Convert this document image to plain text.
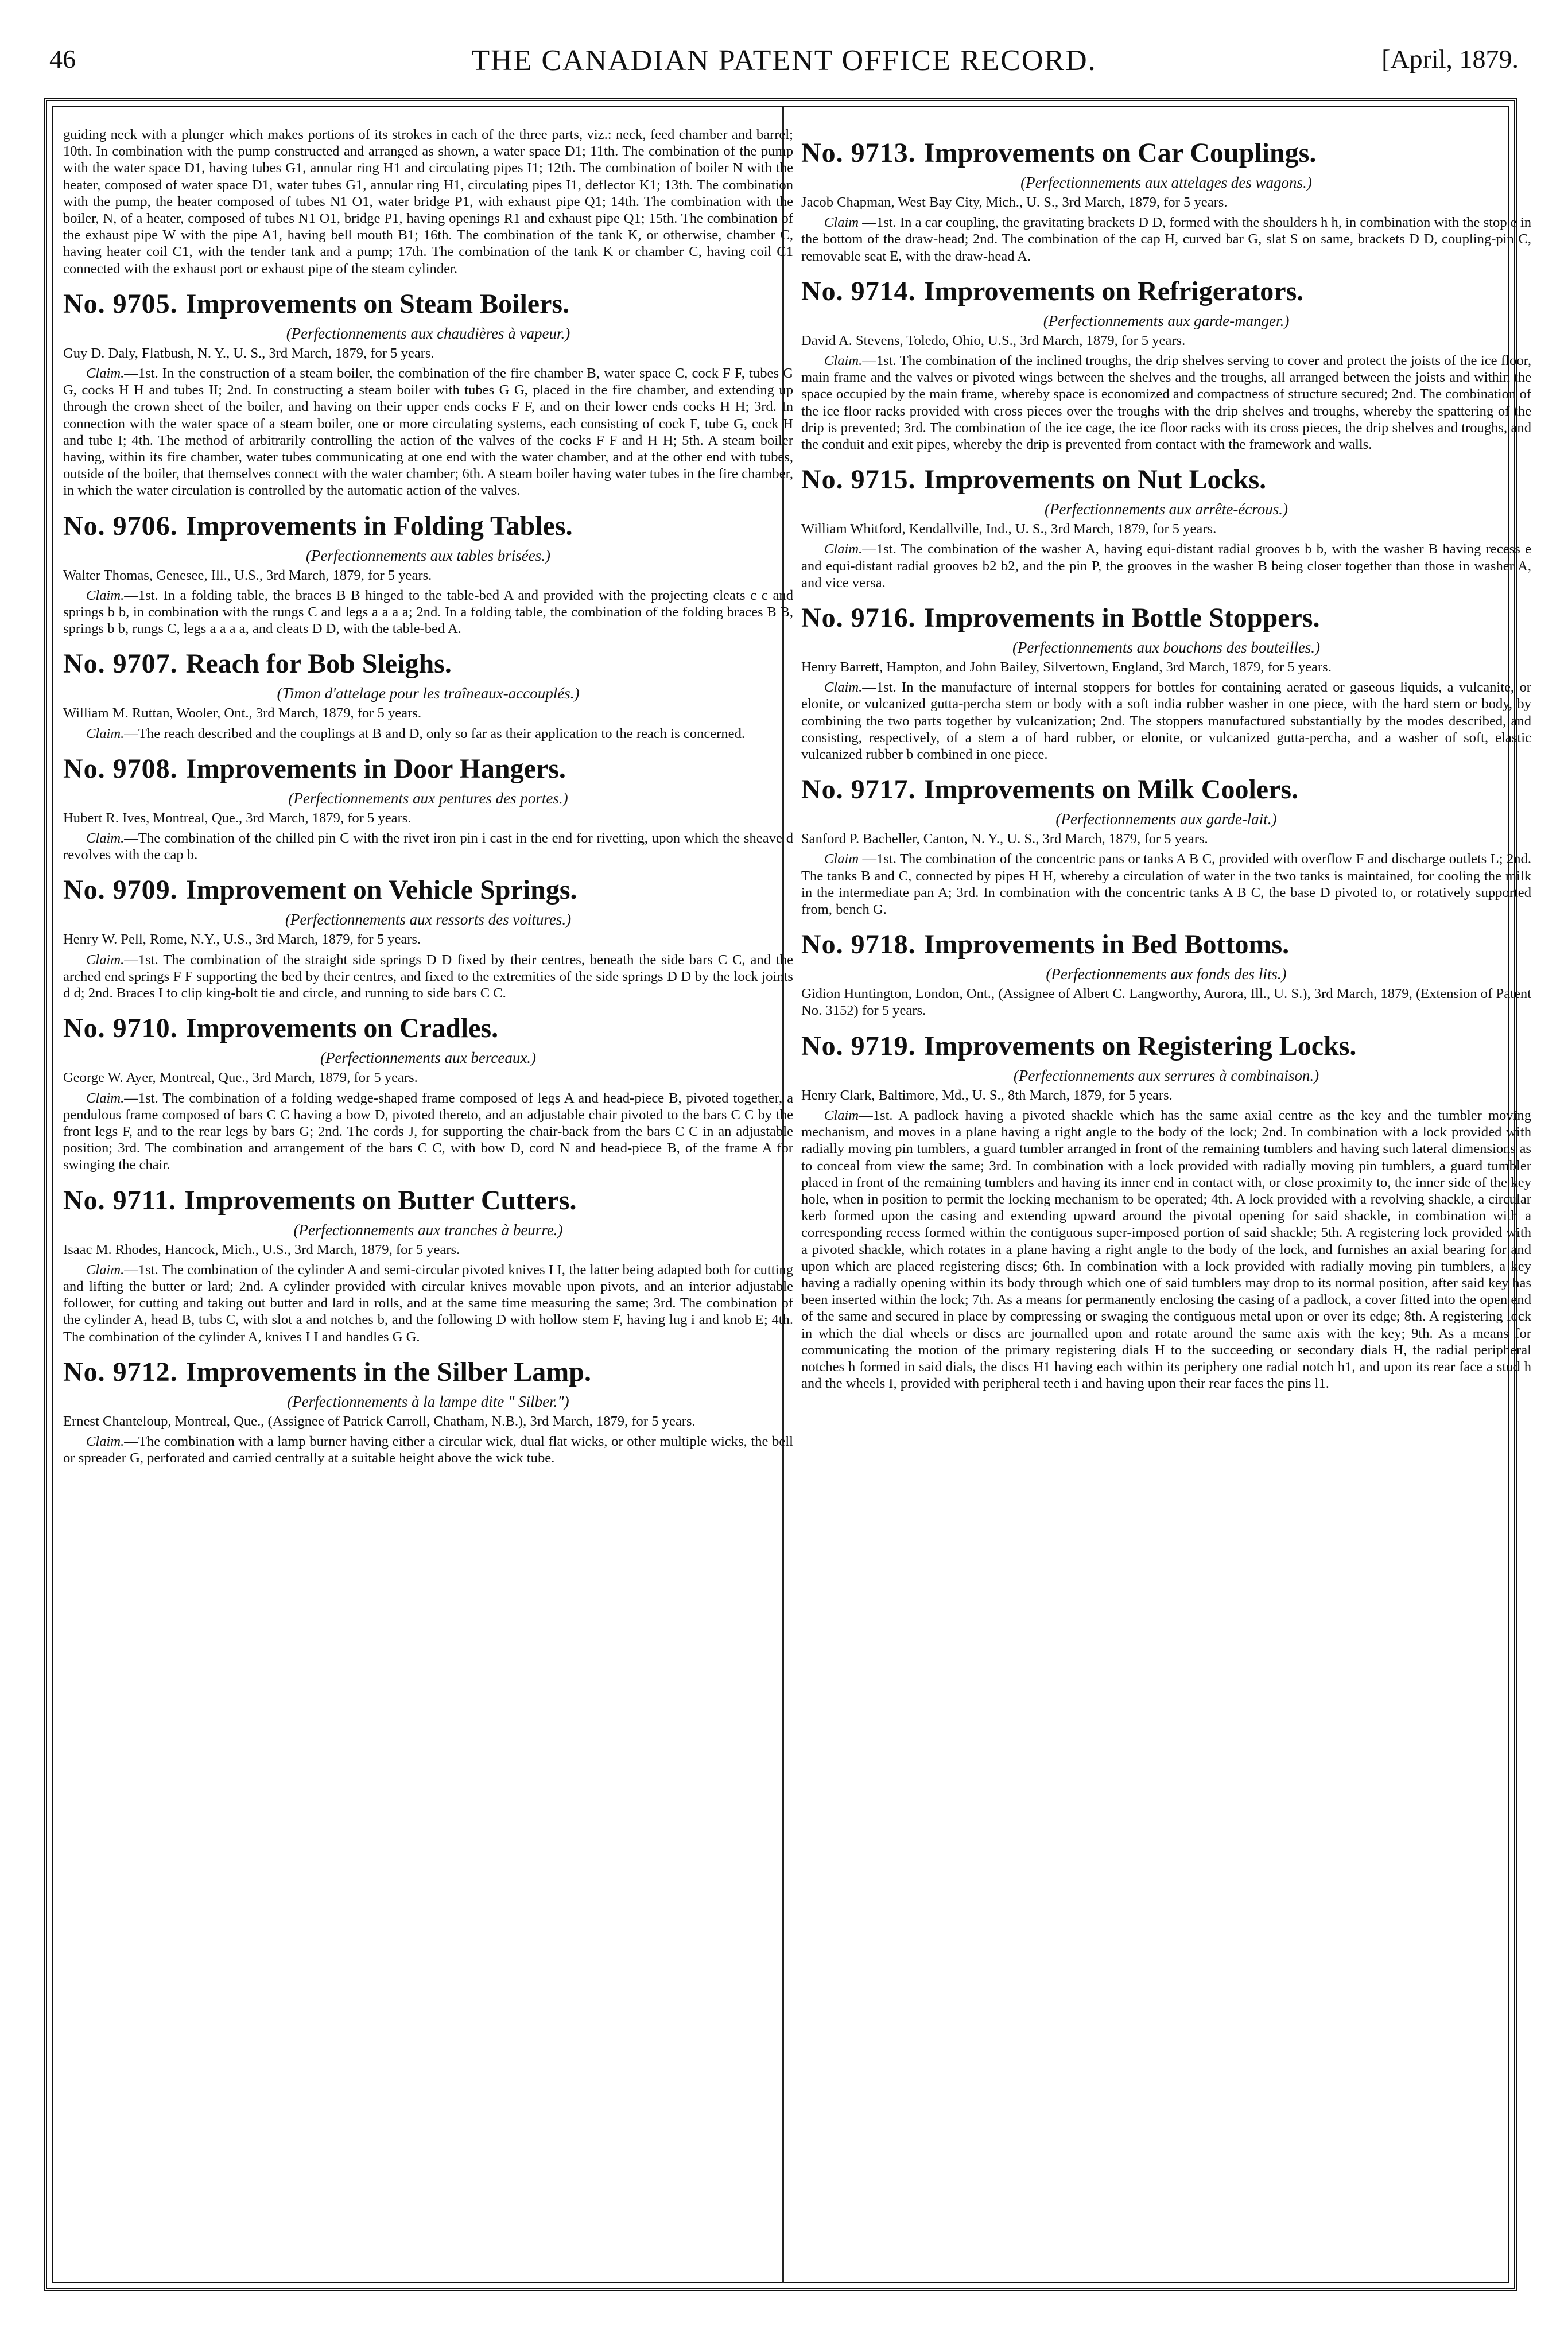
46	THE CANADIAN PATENT OFFICE RECORD.	[April, 1879.

guiding neck with a plunger which makes portions of its strokes in each of the three parts, viz.: neck, feed chamber and barrel; 10th. In combination with the pump constructed and arranged as shown, a water space D1; 11th. The combination of the pump with the water space D1, having tubes G1, annular ring H1 and circulating pipes I1; 12th. The combination of boiler N with the heater, composed of water space D1, water tubes G1, annular ring H1, circulating pipes I1, deflector K1; 13th. The combination with the pump, the heater composed of tubes N1 O1, water bridge P1, with exhaust pipe Q1; 14th. The combination with the boiler, N, of a heater, composed of tubes N1 O1, bridge P1, having openings R1 and exhaust pipe Q1; 15th. The combination of the exhaust pipe W with the pipe A1, having bell mouth B1; 16th. The combination of the tank K, or otherwise, chamber C, having heater coil C1, with the tender tank and a pump; 17th. The combination of the tank K or chamber C, having coil C1 connected with the exhaust port or exhaust pipe of the steam cylinder.

No. 9705. Improvements on Steam Boilers.

(Perfectionnements aux chaudières à vapeur.)

Guy D. Daly, Flatbush, N. Y., U. S., 3rd March, 1879, for 5 years.

Claim.—1st. In the construction of a steam boiler, the combination of the fire chamber B, water space C, cock F F, tubes G G, cocks H H and tubes II; 2nd. In constructing a steam boiler with tubes G G, placed in the fire chamber, and extending up through the crown sheet of the boiler, and having on their upper ends cocks F F, and on their lower ends cocks H H; 3rd. In connection with the water space of a steam boiler, one or more circulating systems, each consisting of cock F, tube G, cock H and tube I; 4th. The method of arbitrarily controlling the action of the valves of the cocks F F and H H; 5th. A steam boiler having, within its fire chamber, water tubes communicating at one end with the water chamber, and at the other end with tubes, outside of the boiler, that themselves connect with the water chamber; 6th. A steam boiler having water tubes in the fire chamber, in which the water circulation is controlled by the automatic action of the valves.

No. 9706. Improvements in Folding Tables.

(Perfectionnements aux tables brisées.)

Walter Thomas, Genesee, Ill., U.S., 3rd March, 1879, for 5 years.

Claim.—1st. In a folding table, the braces B B hinged to the table-bed A and provided with the projecting cleats c c and springs b b, in combination with the rungs C and legs a a a a; 2nd. In a folding table, the combination of the folding braces B B, springs b b, rungs C, legs a a a a, and cleats D D, with the table-bed A.

No. 9707. Reach for Bob Sleighs.

(Timon d'attelage pour les traîneaux-accouplés.)

William M. Ruttan, Wooler, Ont., 3rd March, 1879, for 5 years.

Claim.—The reach described and the couplings at B and D, only so far as their application to the reach is concerned.

No. 9708. Improvements in Door Hangers.

(Perfectionnements aux pentures des portes.)

Hubert R. Ives, Montreal, Que., 3rd March, 1879, for 5 years.

Claim.—The combination of the chilled pin C with the rivet iron pin i cast in the end for rivetting, upon which the sheave d revolves with the cap b.

No. 9709. Improvement on Vehicle Springs.

(Perfectionnements aux ressorts des voitures.)

Henry W. Pell, Rome, N.Y., U.S., 3rd March, 1879, for 5 years.

Claim.—1st. The combination of the straight side springs D D fixed by their centres, beneath the side bars C C, and the arched end springs F F supporting the bed by their centres, and fixed to the extremities of the side springs D D by the lock joints d d; 2nd. Braces I to clip king-bolt tie and circle, and running to side bars C C.

No. 9710. Improvements on Cradles.

(Perfectionnements aux berceaux.)

George W. Ayer, Montreal, Que., 3rd March, 1879, for 5 years.

Claim.—1st. The combination of a folding wedge-shaped frame composed of legs A and head-piece B, pivoted together, a pendulous frame composed of bars C C having a bow D, pivoted thereto, and an adjustable chair pivoted to the bars C C by the front legs F, and to the rear legs by bars G; 2nd. The cords J, for supporting the chair-back from the bars C C in an adjustable position; 3rd. The combination and arrangement of the bars C C, with bow D, cord N and head-piece B, of the frame A for swinging the chair.

No. 9711. Improvements on Butter Cutters.

(Perfectionnements aux tranches à beurre.)

Isaac M. Rhodes, Hancock, Mich., U.S., 3rd March, 1879, for 5 years.

Claim.—1st. The combination of the cylinder A and semi-circular pivoted knives I I, the latter being adapted both for cutting and lifting the butter or lard; 2nd. A cylinder provided with circular knives movable upon pivots, and an interior adjustable follower, for cutting and taking out butter and lard in rolls, and at the same time measuring the same; 3rd. The combination of the cylinder A, head B, tubs C, with slot a and notches b, and the following D with hollow stem F, having lug i and knob E; 4th. The combination of the cylinder A, knives I I and handles G G.

No. 9712. Improvements in the Silber Lamp.

(Perfectionnements à la lampe dite " Silber.")

Ernest Chanteloup, Montreal, Que., (Assignee of Patrick Carroll, Chatham, N.B.), 3rd March, 1879, for 5 years.

Claim.—The combination with a lamp burner having either a circular wick, dual flat wicks, or other multiple wicks, the bell or spreader G, perforated and carried centrally at a suitable height above the wick tube.

No. 9713. Improvements on Car Couplings.

(Perfectionnements aux attelages des wagons.)

Jacob Chapman, West Bay City, Mich., U. S., 3rd March, 1879, for 5 years.

Claim —1st. In a car coupling, the gravitating brackets D D, formed with the shoulders h h, in combination with the stop e in the bottom of the draw-head; 2nd. The combination of the cap H, curved bar G, slat S on same, brackets D D, coupling-pin C, removable seat E, with the draw-head A.

No. 9714. Improvements on Refrigerators.

(Perfectionnements aux garde-manger.)

David A. Stevens, Toledo, Ohio, U.S., 3rd March, 1879, for 5 years.

Claim.—1st. The combination of the inclined troughs, the drip shelves serving to cover and protect the joists of the ice floor, main frame and the valves or pivoted wings between the shelves and the troughs, all arranged between the joists and within the space occupied by the main frame, whereby space is economized and compactness of structure secured; 2nd. The combination of the ice floor racks provided with cross pieces over the troughs with the drip shelves and troughs, whereby the spattering of the drip is prevented; 3rd. The combination of the ice cage, the ice floor racks with its cross pieces, the drip shelves and troughs, and the conduit and exit pipes, whereby the drip is prevented from contact with the framework and walls.

No. 9715. Improvements on Nut Locks.

(Perfectionnements aux arrête-écrous.)

William Whitford, Kendallville, Ind., U. S., 3rd March, 1879, for 5 years.

Claim.—1st. The combination of the washer A, having equi-distant radial grooves b b, with the washer B having recess e and equi-distant radial grooves b2 b2, and the pin P, the grooves in the washer B being closer together than those in washer A, and vice versa.

No. 9716. Improvements in Bottle Stoppers.

(Perfectionnements aux bouchons des bouteilles.)

Henry Barrett, Hampton, and John Bailey, Silvertown, England, 3rd March, 1879, for 5 years.

Claim.—1st. In the manufacture of internal stoppers for bottles for containing aerated or gaseous liquids, a vulcanite, or elonite, or vulcanized gutta-percha stem or body with a soft india rubber washer in one piece, with the hard stem or body, by combining the two parts together by vulcanization; 2nd. The stoppers manufactured substantially by the modes described, and consisting, respectively, of a stem a of hard rubber, or elonite, or vulcanized gutta-percha, and a washer of soft, elastic vulcanized rubber b combined in one piece.

No. 9717. Improvements on Milk Coolers.

(Perfectionnements aux garde-lait.)

Sanford P. Bacheller, Canton, N. Y., U. S., 3rd March, 1879, for 5 years.

Claim —1st. The combination of the concentric pans or tanks A B C, provided with overflow F and discharge outlets L; 2nd. The tanks B and C, connected by pipes H H, whereby a circulation of water in the two tanks is maintained, for cooling the milk in the intermediate pan A; 3rd. In combination with the concentric tanks A B C, the base D pivoted to, or rotatively supported from, bench G.

No. 9718. Improvements in Bed Bottoms.

(Perfectionnements aux fonds des lits.)

Gidion Huntington, London, Ont., (Assignee of Albert C. Langworthy, Aurora, Ill., U. S.), 3rd March, 1879, (Extension of Patent No. 3152) for 5 years.

No. 9719. Improvements on Registering Locks.

(Perfectionnements aux serrures à combinaison.)

Henry Clark, Baltimore, Md., U. S., 8th March, 1879, for 5 years.

Claim—1st. A padlock having a pivoted shackle which has the same axial centre as the key and the tumbler moving mechanism, and moves in a plane having a right angle to the body of the lock; 2nd. In combination with a lock provided with radially moving pin tumblers, a guard tumbler arranged in front of the remaining tumblers and having such lateral dimensions as to conceal from view the same; 3rd. In combination with a lock provided with radially moving pin tumblers, a guard tumbler placed in front of the remaining tumblers and having its inner end in contact with, or close proximity to, the inner side of the key hole, when in position to permit the locking mechanism to be operated; 4th. A lock provided with a revolving shackle, a circular kerb formed upon the casing and extending upward around the pivotal opening for said shackle, in combination with a corresponding recess formed within the contiguous super-imposed portion of said shackle; 5th. A registering lock provided with a pivoted shackle, which rotates in a plane having a right angle to the body of the lock, and furnishes an axial bearing for and upon which are placed registering discs; 6th. In combination with a lock provided with radially moving pin tumblers, a key having a radially opening within its body through which one of said tumblers may drop to its normal position, after said key has been inserted within the lock; 7th. As a means for permanently enclosing the casing of a padlock, a cover fitted into the open end of the same and secured in place by compressing or swaging the contiguous metal upon or over its edge; 8th. A registering lock in which the dial wheels or discs are journalled upon and rotate around the same axis with the key; 9th. As a means for communicating the motion of the primary registering dials H to the succeeding or secondary dials H, the radial peripheral notches h formed in said dials, the discs H1 having each within its periphery one radial notch h1, and upon its rear face a stud h and the wheels I, provided with peripheral teeth i and having upon their rear faces the pins l1.
